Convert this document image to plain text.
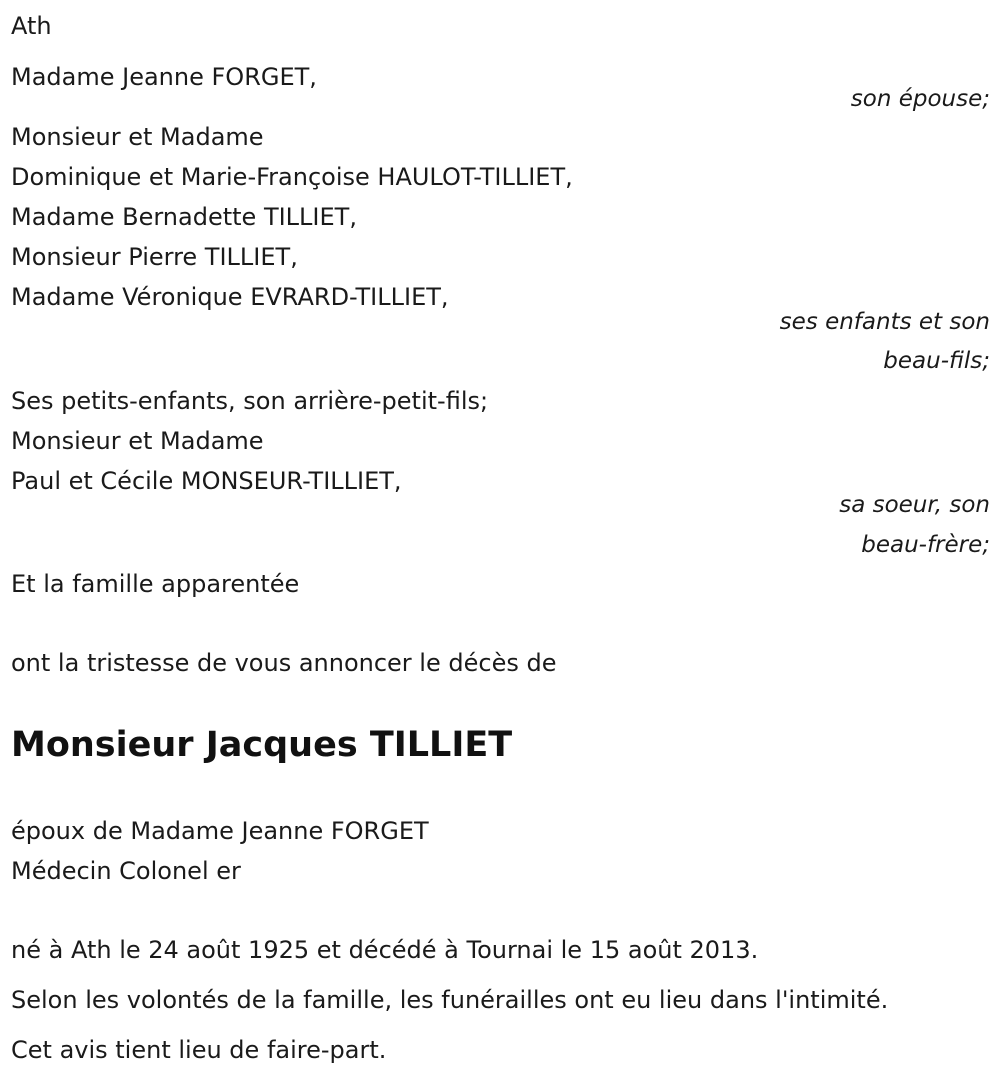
Ath
Madame Jeanne FORGET,
son épouse;
Monsieur et Madame
Dominique et Marie-Françoise HAULOT-TILLIET,
Madame Bernadette TILLIET,
Monsieur Pierre TILLIET,
Madame Véronique EVRARD-TILLIET,
ses enfants et son
beau-fils;
Ses petits-enfants, son arrière-petit-fils;
Monsieur et Madame
Paul et Cécile MONSEUR-TILLIET,
sa soeur, son
beau-frère;
Et la famille apparentée
ont la tristesse de vous annoncer le décès de
Monsieur Jacques TILLIET
époux de Madame Jeanne FORGET
Médecin Colonel er
né à Ath le 24 août 1925 et décédé à Tournai le 15 août 2013.
Selon les volontés de la famille, les funérailles ont eu lieu dans l'intimité.
Cet avis tient lieu de faire-part.
